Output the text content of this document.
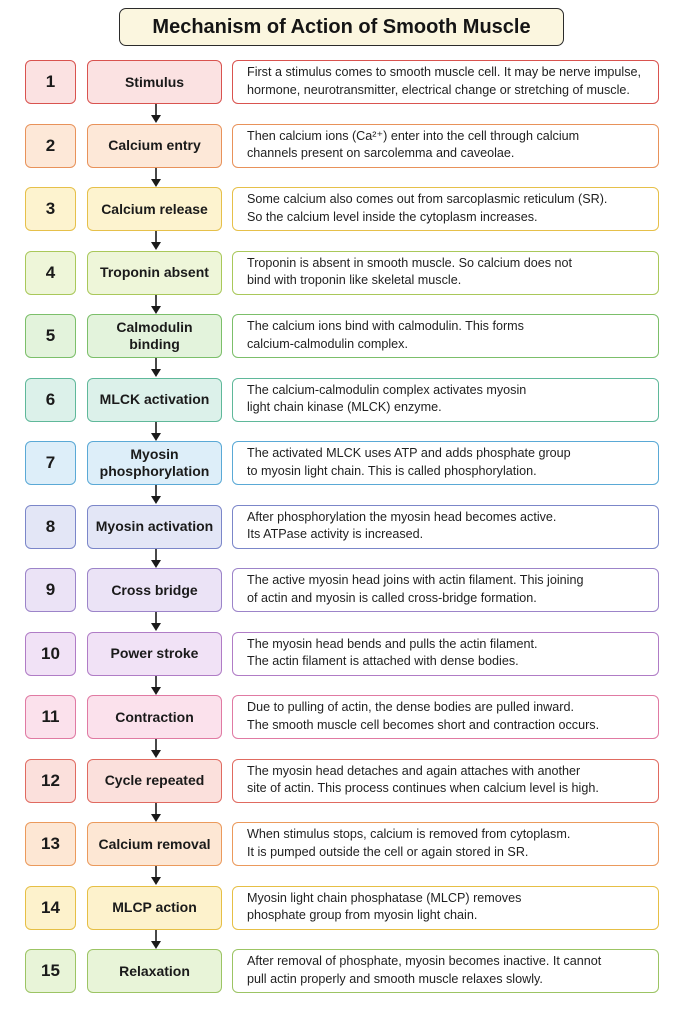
Mechanism of Action of Smooth Muscle
1	Stimulus
First a stimulus comes to smooth muscle cell. It may be nerve impulse,
hormone, neurotransmitter, electrical change or stretching of muscle.
2	Calcium entry
Then calcium ions (Ca²⁺) enter into the cell through calcium
channels present on sarcolemma and caveolae.
3	Calcium release
Some calcium also comes out from sarcoplasmic reticulum (SR).
So the calcium level inside the cytoplasm increases.
4	Troponin absent
Troponin is absent in smooth muscle. So calcium does not
bind with troponin like skeletal muscle.
5	Calmodulin binding
The calcium ions bind with calmodulin. This forms
calcium-calmodulin complex.
6	MLCK activation
The calcium-calmodulin complex activates myosin
light chain kinase (MLCK) enzyme.
7	Myosin phosphorylation
The activated MLCK uses ATP and adds phosphate group
to myosin light chain. This is called phosphorylation.
8	Myosin activation
After phosphorylation the myosin head becomes active.
Its ATPase activity is increased.
9	Cross bridge
The active myosin head joins with actin filament. This joining
of actin and myosin is called cross-bridge formation.
10	Power stroke
The myosin head bends and pulls the actin filament.
The actin filament is attached with dense bodies.
11	Contraction
Due to pulling of actin, the dense bodies are pulled inward.
The smooth muscle cell becomes short and contraction occurs.
12	Cycle repeated
The myosin head detaches and again attaches with another
site of actin. This process continues when calcium level is high.
13	Calcium removal
When stimulus stops, calcium is removed from cytoplasm.
It is pumped outside the cell or again stored in SR.
14	MLCP action
Myosin light chain phosphatase (MLCP) removes
phosphate group from myosin light chain.
15	Relaxation
After removal of phosphate, myosin becomes inactive. It cannot
pull actin properly and smooth muscle relaxes slowly.
